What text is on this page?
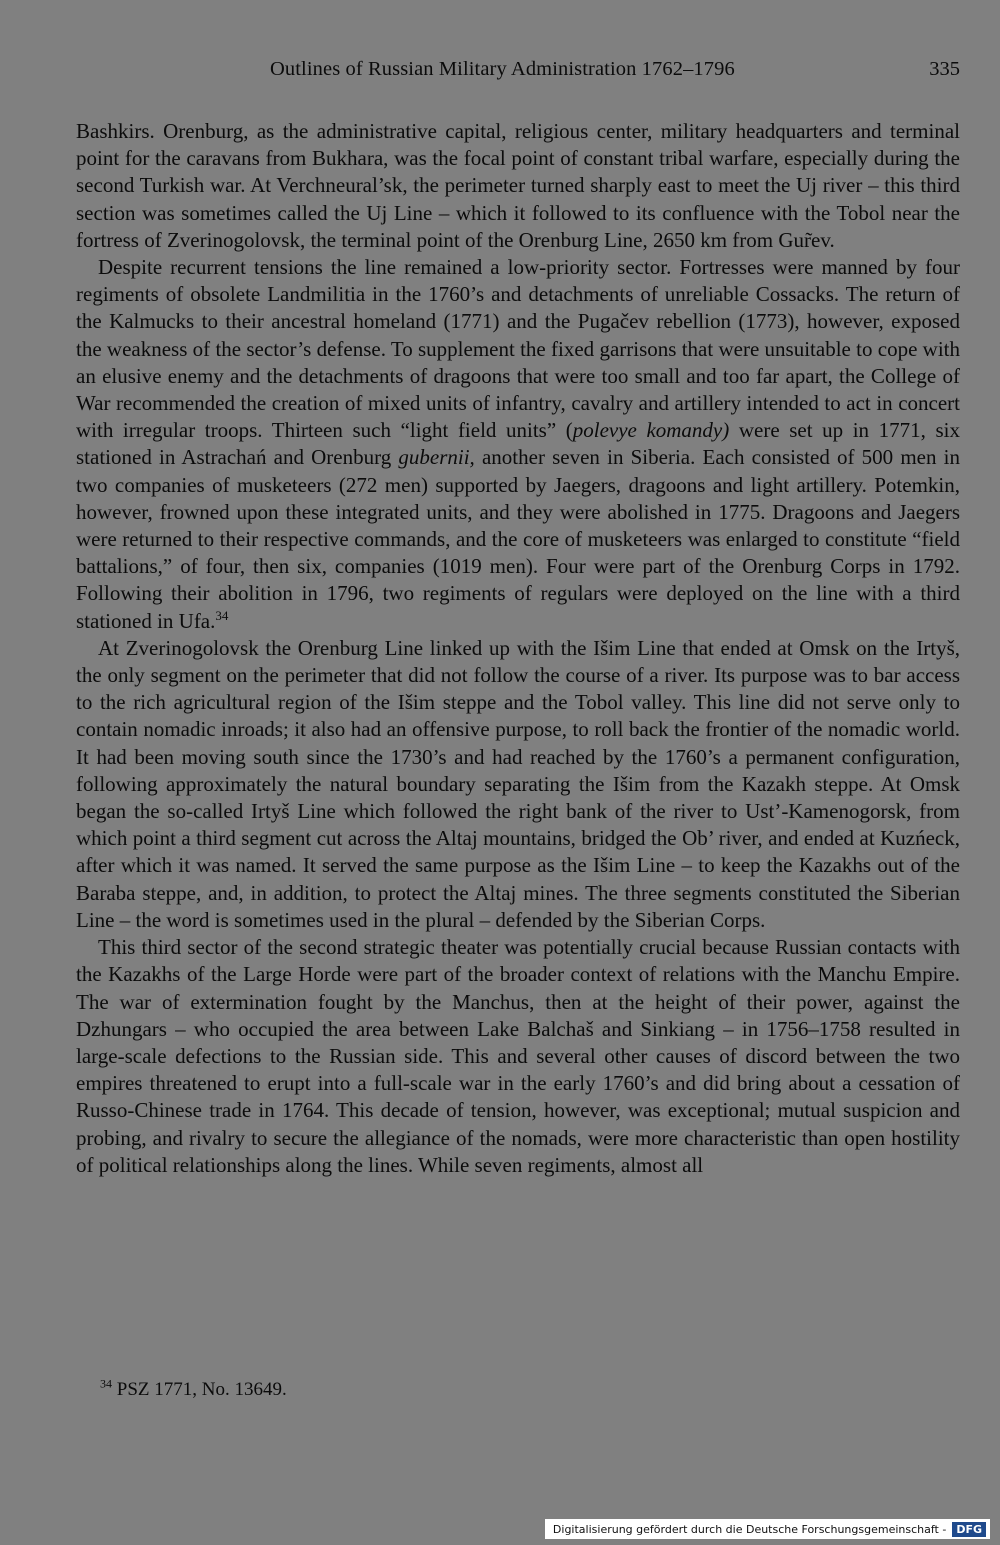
Outlines of Russian Military Administration 1762–1796	335

Bashkirs. Orenburg, as the administrative capital, religious center, military headquarters and terminal point for the caravans from Bukhara, was the focal point of constant tribal warfare, especially during the second Turkish war. At Verchneural’sk, the perimeter turned sharply east to meet the Uj river – this third section was sometimes called the Uj Line – which it followed to its confluence with the Tobol near the fortress of Zverinogolovsk, the terminal point of the Orenburg Line, 2650 km from Gur̃ev.

Despite recurrent tensions the line remained a low-priority sector. Fortresses were manned by four regiments of obsolete Landmilitia in the 1760’s and detachments of unreliable Cossacks. The return of the Kalmucks to their ancestral homeland (1771) and the Pugačev rebellion (1773), however, exposed the weakness of the sector’s defense. To supplement the fixed garrisons that were unsuitable to cope with an elusive enemy and the detachments of dragoons that were too small and too far apart, the College of War recommended the creation of mixed units of infantry, cavalry and artillery intended to act in concert with irregular troops. Thirteen such “light field units” (polevye komandy) were set up in 1771, six stationed in Astrachań and Orenburg gubernii, another seven in Siberia. Each consisted of 500 men in two companies of musketeers (272 men) supported by Jaegers, dragoons and light artillery. Potemkin, however, frowned upon these integrated units, and they were abolished in 1775. Dragoons and Jaegers were returned to their respective commands, and the core of musketeers was enlarged to constitute “field battalions,” of four, then six, companies (1019 men). Four were part of the Orenburg Corps in 1792. Following their abolition in 1796, two regiments of regulars were deployed on the line with a third stationed in Ufa.$^{34}$

At Zverinogolovsk the Orenburg Line linked up with the Išim Line that ended at Omsk on the Irtyš, the only segment on the perimeter that did not follow the course of a river. Its purpose was to bar access to the rich agricultural region of the Išim steppe and the Tobol valley. This line did not serve only to contain nomadic inroads; it also had an offensive purpose, to roll back the frontier of the nomadic world. It had been moving south since the 1730’s and had reached by the 1760’s a permanent configuration, following approximately the natural boundary separating the Išim from the Kazakh steppe. At Omsk began the so-called Irtyš Line which followed the right bank of the river to Ust’-Kamenogorsk, from which point a third segment cut across the Altaj mountains, bridged the Ob’ river, and ended at Kuzńeck, after which it was named. It served the same purpose as the Išim Line – to keep the Kazakhs out of the Baraba steppe, and, in addition, to protect the Altaj mines. The three segments constituted the Siberian Line – the word is sometimes used in the plural – defended by the Siberian Corps.

This third sector of the second strategic theater was potentially crucial because Russian contacts with the Kazakhs of the Large Horde were part of the broader context of relations with the Manchu Empire. The war of extermination fought by the Manchus, then at the height of their power, against the Dzhungars – who occupied the area between Lake Balchaš and Sinkiang – in 1756–1758 resulted in large-scale defections to the Russian side. This and several other causes of discord between the two empires threatened to erupt into a full-scale war in the early 1760’s and did bring about a cessation of Russo-Chinese trade in 1764. This decade of tension, however, was exceptional; mutual suspicion and probing, and rivalry to secure the allegiance of the nomads, were more characteristic than open hostility of political relationships along the lines. While seven regiments, almost all

$^{34}$ PSZ 1771, No. 13649.
Digitalisierung gefördert durch die Deutsche Forschungsgemeinschaft - DFG
